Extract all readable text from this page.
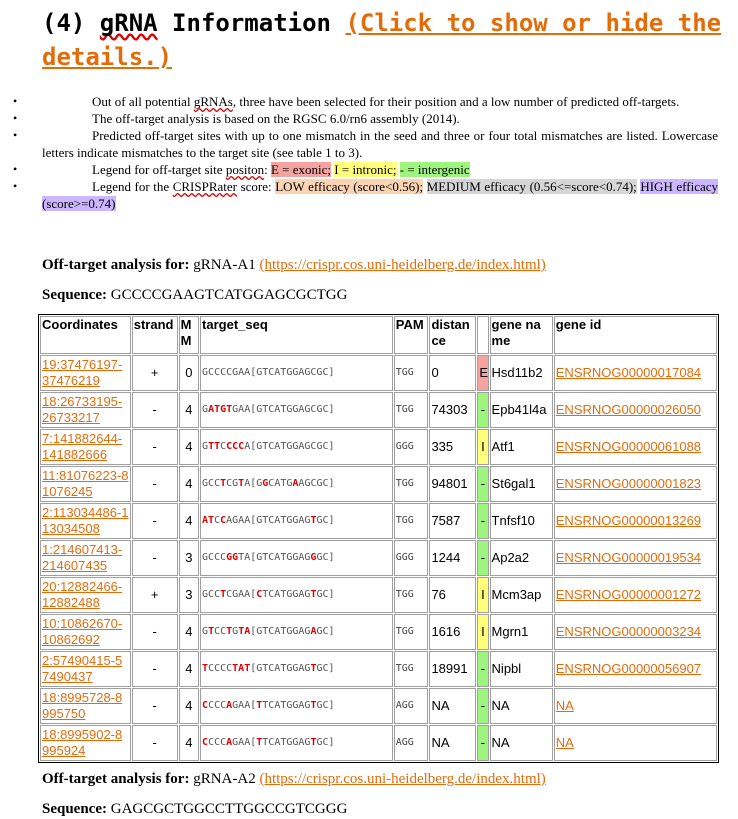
(4) gRNA Information (Click to show or hide the details.)
• Out of all potential gRNAs, three have been selected for their position and a low number of predicted off-targets.
• The off-target analysis is based on the RGSC 6.0/rn6 assembly (2014).
• Predicted off-target sites with up to one mismatch in the seed and three or four total mismatches are listed. Lowercase letters indicate mismatches to the target site (see table 1 to 3).
• Legend for off-target site positon: E = exonic; I = intronic; - = intergenic
• Legend for the CRISPRater score: LOW efficacy (score<0.56); MEDIUM efficacy (0.56<=score<0.74); HIGH efficacy (score>=0.74)
Off-target analysis for: gRNA-A1 (https://crispr.cos.uni-heidelberg.de/index.html)
Sequence: GCCCCGAAGTCATGGAGCGCTGG
Coordinates	strand	MM	target_seq	PAM	distance		gene name	gene id
19:37476197-37476219	+	0	GCCCCGAA[GTCATGGAGCGC]	TGG	0	E	Hsd11b2	ENSRNOG00000017084
18:26733195-26733217	-	4	GATGTGAA[GTCATGGAGCGC]	TGG	74303	-	Epb41l4a	ENSRNOG00000026050
7:141882644-141882666	-	4	GTTCCCCA[GTCATGGAGCGC]	GGG	335	I	Atf1	ENSRNOG00000061088
11:81076223-81076245	-	4	GCCTCGTA[GGCATGAAGCGC]	TGG	94801	-	St6gal1	ENSRNOG00000001823
2:113034486-113034508	-	4	ATCCAGAA[GTCATGGAGTGC]	TGG	7587	-	Tnfsf10	ENSRNOG00000013269
1:214607413-214607435	-	3	GCCCGGTA[GTCATGGAGGGC]	GGG	1244	-	Ap2a2	ENSRNOG00000019534
20:12882466-12882488	+	3	GCCTCGAA[CTCATGGAGTGC]	TGG	76	I	Mcm3ap	ENSRNOG00000001272
10:10862670-10862692	-	4	GTCCTGTA[GTCATGGAGAGC]	TGG	1616	I	Mgrn1	ENSRNOG00000003234
2:57490415-57490437	-	4	TCCCCTAT[GTCATGGAGTGC]	TGG	18991	-	Nipbl	ENSRNOG00000056907
18:8995728-8995750	-	4	CCCCAGAA[TTCATGGAGTGC]	AGG	NA	-	NA	NA
18:8995902-8995924	-	4	CCCCAGAA[TTCATGGAGTGC]	AGG	NA	-	NA	NA
Off-target analysis for: gRNA-A2 (https://crispr.cos.uni-heidelberg.de/index.html)
Sequence: GAGCGCTGGCCTTGGCCGTCGGG
